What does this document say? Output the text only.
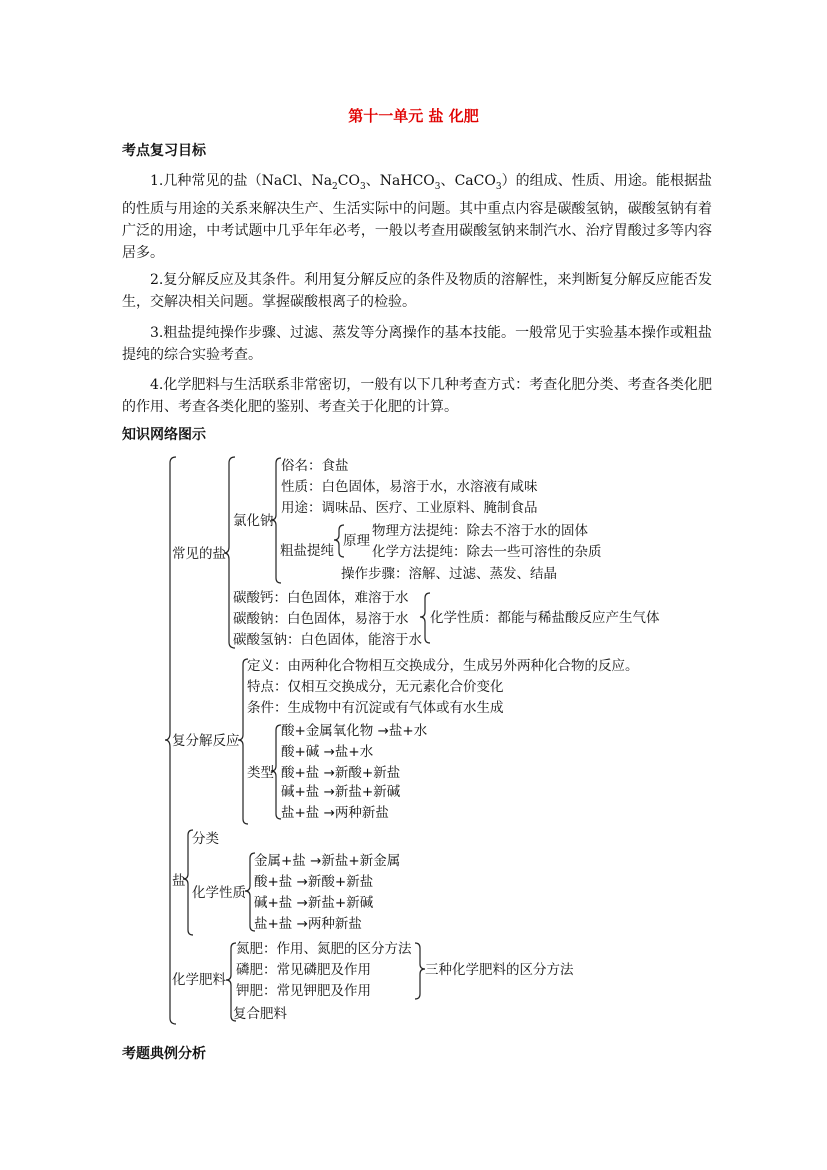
第十一单元 盐 化肥
考点复习目标
1.几种常见的盐（NaCl、$Na_2CO_3$、NaHCO$_3$、CaCO$_3$）的组成、性质、用途。能根据盐的性质与用途的关系来解决生产、生活实际中的问题。其中重点内容是碳酸氢钠，碳酸氢钠有着广泛的用途，中考试题中几乎年年必考，一般以考查用碳酸氢钠来制汽水、治疗胃酸过多等内容居多。
2.复分解反应及其条件。利用复分解反应的条件及物质的溶解性，来判断复分解反应能否发生，交解决相关问题。掌握碳酸根离子的检验。
3.粗盐提纯操作步骤、过滤、蒸发等分离操作的基本技能。一般常见于实验基本操作或粗盐提纯的综合实验考查。
4.化学肥料与生活联系非常密切，一般有以下几种考查方式：考查化肥分类、考查各类化肥的作用、考查各类化肥的鉴别、考查关于化肥的计算。
知识网络图示
常见的盐
氯化钠
俗名：食盐
性质：白色固体，易溶于水，水溶液有咸味
用途：调味品、医疗、工业原料、腌制食品
粗盐提纯
原理
物理方法提纯：除去不溶于水的固体
化学方法提纯：除去一些可溶性的杂质
操作步骤：溶解、过滤、蒸发、结晶
碳酸钙：白色固体，难溶于水
碳酸钠：白色固体，易溶于水
碳酸氢钠：白色固体，能溶于水
化学性质：都能与稀盐酸反应产生气体
复分解反应
定义：由两种化合物相互交换成分，生成另外两种化合物的反应。
特点：仅相互交换成分，无元素化合价变化
条件：生成物中有沉淀或有气体或有水生成
类型
酸+金属氧化物 →盐+水
酸+碱 →盐+水
酸+盐 →新酸+新盐
碱+盐 →新盐+新碱
盐+盐 →两种新盐
盐
分类
化学性质
金属+盐 →新盐+新金属
酸+盐 →新酸+新盐
碱+盐 →新盐+新碱
盐+盐 →两种新盐
化学肥料
氮肥：作用、氮肥的区分方法
磷肥：常见磷肥及作用
钾肥：常见钾肥及作用
三种化学肥料的区分方法
复合肥料
考题典例分析
